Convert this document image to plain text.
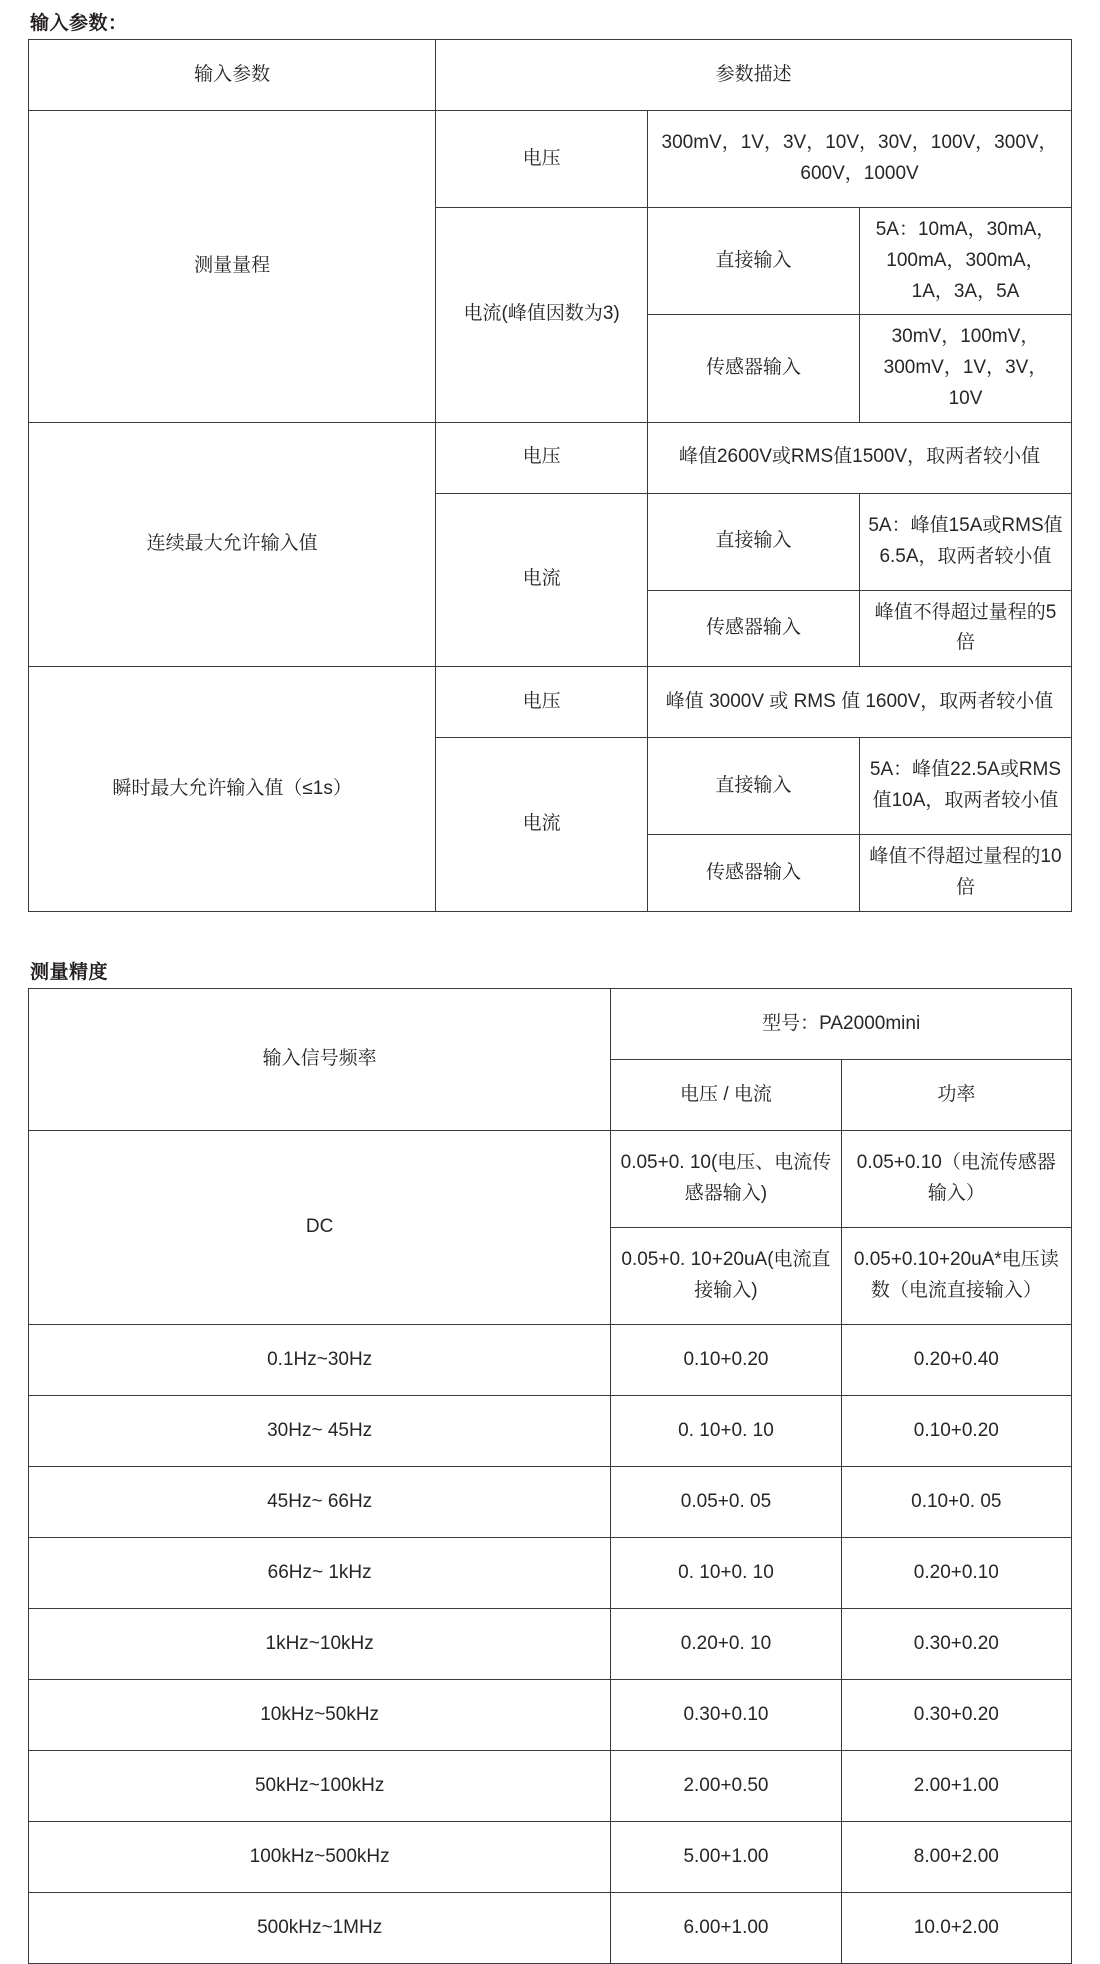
输入参数：
输入参数	参数描述		
测量量程	电压	300mV，1V，3V，10V，30V，100V，300V，600V，1000V	
	电流(峰值因数为3)	直接输入	5A：10mA，30mA，100mA，300mA，1A，3A，5A
		传感器输入	30mV，100mV，300mV，1V，3V，10V
连续最大允许输入值	电压	峰值2600V或RMS值1500V，取两者较小值	
	电流	直接输入	5A：峰值15A或RMS值6.5A，取两者较小值
		传感器输入	峰值不得超过量程的5倍
瞬时最大允许输入值（≤1s）	电压	峰值 3000V 或 RMS 值 1600V，取两者较小值	
	电流	直接输入	5A：峰值22.5A或RMS值10A，取两者较小值
		传感器输入	峰值不得超过量程的10倍
测量精度
输入信号频率	型号：PA2000mini	
	电压 / 电流	功率
DC	0.05+0. 10(电压、电流传感器输入)	0.05+0.10（电流传感器输入）
	0.05+0. 10+20uA(电流直接输入)	0.05+0.10+20uA*电压读数（电流直接输入）
0.1Hz~30Hz	0.10+0.20	0.20+0.40
30Hz~ 45Hz	0. 10+0. 10	0.10+0.20
45Hz~ 66Hz	0.05+0. 05	0.10+0. 05
66Hz~ 1kHz	0. 10+0. 10	0.20+0.10
1kHz~10kHz	0.20+0. 10	0.30+0.20
10kHz~50kHz	0.30+0.10	0.30+0.20
50kHz~100kHz	2.00+0.50	2.00+1.00
100kHz~500kHz	5.00+1.00	8.00+2.00
500kHz~1MHz	6.00+1.00	10.0+2.00
